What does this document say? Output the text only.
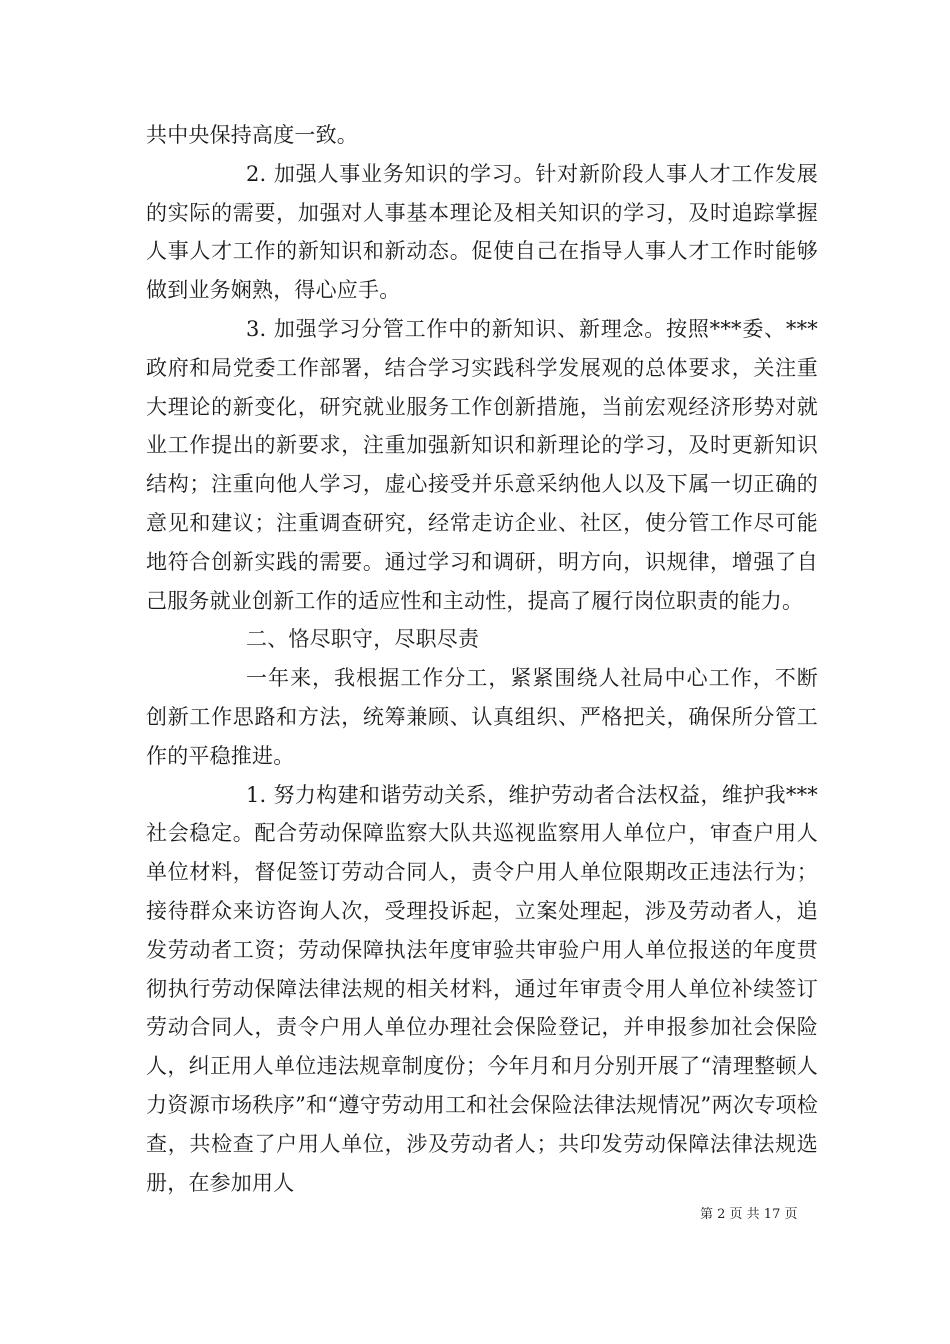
共中央保持高度一致。

2. 加强人事业务知识的学习。针对新阶段人事人才工作发展的实际的需要，加强对人事基本理论及相关知识的学习，及时追踪掌握人事人才工作的新知识和新动态。促使自己在指导人事人才工作时能够做到业务娴熟，得心应手。

3. 加强学习分管工作中的新知识、新理念。按照***委、***政府和局党委工作部署，结合学习实践科学发展观的总体要求，关注重大理论的新变化，研究就业服务工作创新措施，当前宏观经济形势对就业工作提出的新要求，注重加强新知识和新理论的学习，及时更新知识结构；注重向他人学习，虚心接受并乐意采纳他人以及下属一切正确的意见和建议；注重调查研究，经常走访企业、社区，使分管工作尽可能地符合创新实践的需要。通过学习和调研，明方向，识规律，增强了自己服务就业创新工作的适应性和主动性，提高了履行岗位职责的能力。

二、恪尽职守，尽职尽责

一年来，我根据工作分工，紧紧围绕人社局中心工作，不断创新工作思路和方法，统筹兼顾、认真组织、严格把关，确保所分管工作的平稳推进。

1. 努力构建和谐劳动关系，维护劳动者合法权益，维护我***社会稳定。配合劳动保障监察大队共巡视监察用人单位户，审查户用人单位材料，督促签订劳动合同人，责令户用人单位限期改正违法行为；接待群众来访咨询人次，受理投诉起，立案处理起，涉及劳动者人，追发劳动者工资；劳动保障执法年度审验共审验户用人单位报送的年度贯彻执行劳动保障法律法规的相关材料，通过年审责令用人单位补续签订劳动合同人，责令户用人单位办理社会保险登记，并申报参加社会保险人，纠正用人单位违法规章制度份；今年月和月分别开展了“清理整顿人力资源市场秩序”和“遵守劳动用工和社会保险法律法规情况”两次专项检查，共检查了户用人单位，涉及劳动者人；共印发劳动保障法律法规选册，在参加用人

第 2 页 共 17 页
